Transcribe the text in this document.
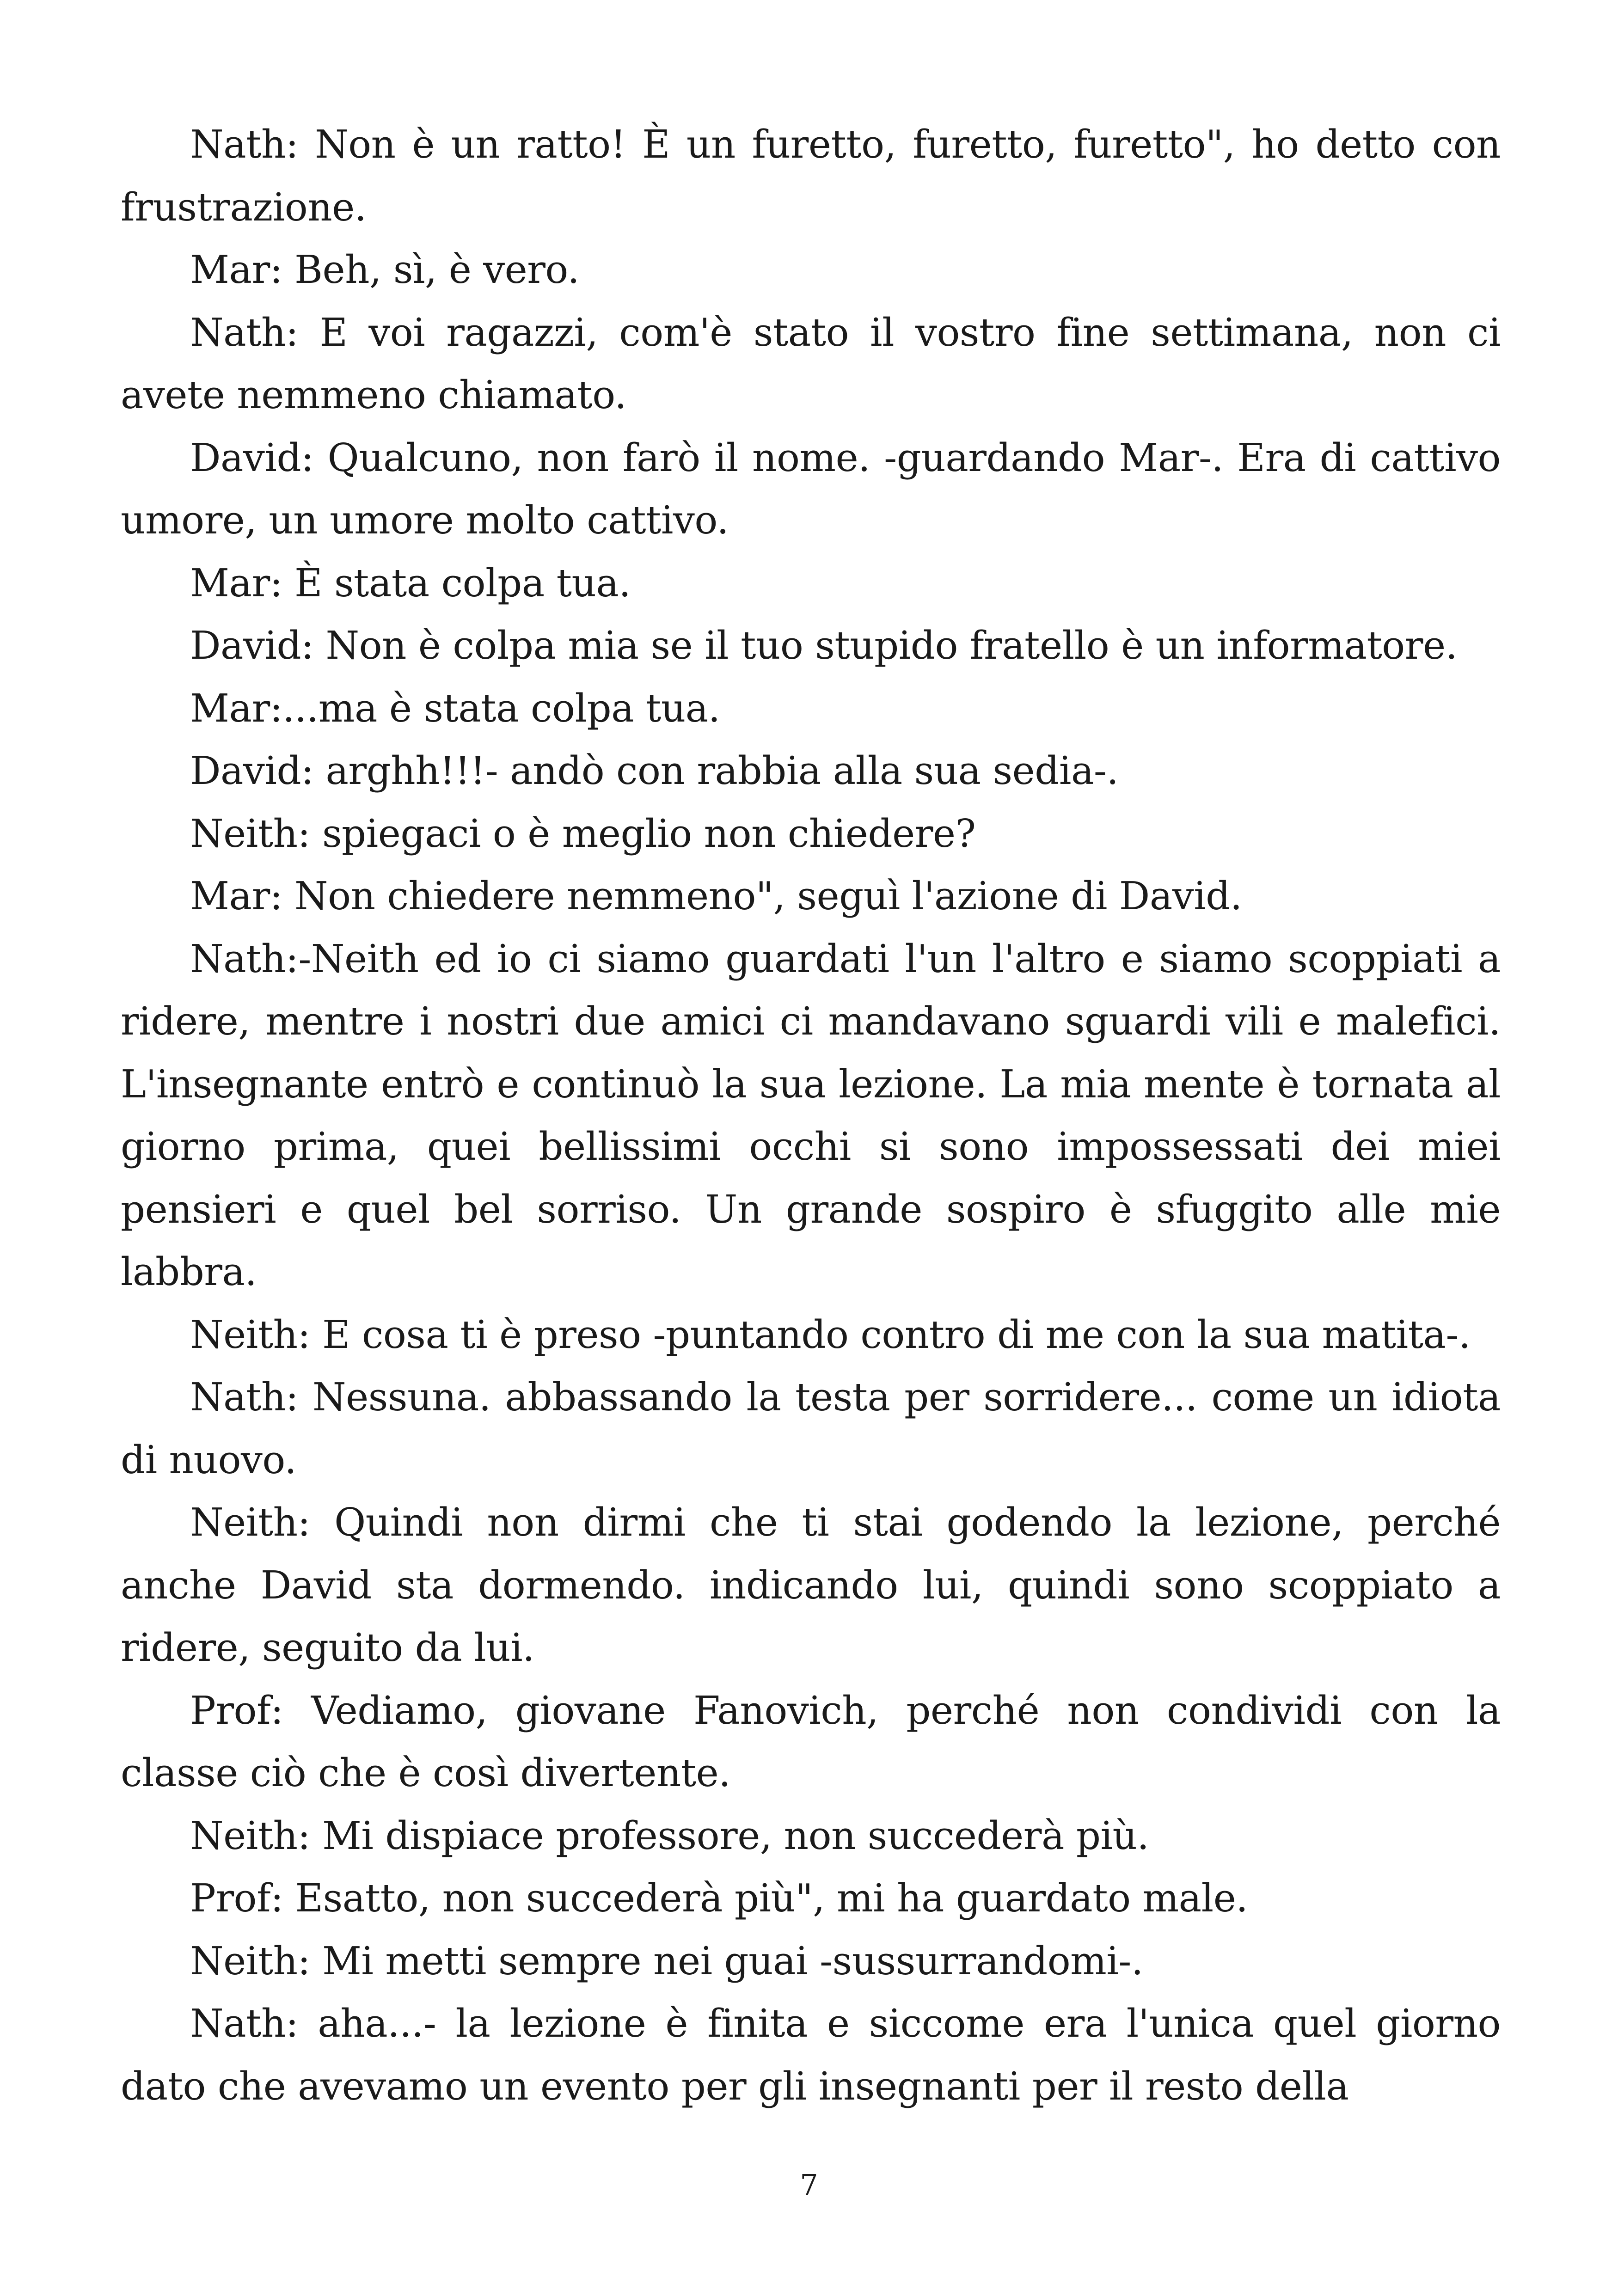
Nath: Non è un ratto! È un furetto, furetto, furetto", ho detto con frustrazione.

Mar: Beh, sì, è vero.

Nath: E voi ragazzi, com'è stato il vostro fine settimana, non ci avete nemmeno chiamato.

David: Qualcuno, non farò il nome. -guardando Mar-. Era di cattivo umore, un umore molto cattivo.

Mar: È stata colpa tua.

David: Non è colpa mia se il tuo stupido fratello è un informatore.

Mar:...ma è stata colpa tua.

David: arghh!!!- andò con rabbia alla sua sedia-.

Neith: spiegaci o è meglio non chiedere?

Mar: Non chiedere nemmeno", seguì l'azione di David.

Nath:-Neith ed io ci siamo guardati l'un l'altro e siamo scoppiati a ridere, mentre i nostri due amici ci mandavano sguardi vili e malefici. L'insegnante entrò e continuò la sua lezione. La mia mente è tornata al giorno prima, quei bellissimi occhi si sono impossessati dei miei pensieri e quel bel sorriso. Un grande sospiro è sfuggito alle mie labbra.

Neith: E cosa ti è preso -puntando contro di me con la sua matita-.

Nath: Nessuna. abbassando la testa per sorridere... come un idiota di nuovo.

Neith: Quindi non dirmi che ti stai godendo la lezione, perché anche David sta dormendo. indicando lui, quindi sono scoppiato a ridere, seguito da lui.

Prof: Vediamo, giovane Fanovich, perché non condividi con la classe ciò che è così divertente.

Neith: Mi dispiace professore, non succederà più.

Prof: Esatto, non succederà più", mi ha guardato male.

Neith: Mi metti sempre nei guai -sussurrandomi-.

Nath: aha...- la lezione è finita e siccome era l'unica quel giorno dato che avevamo un evento per gli insegnanti per il resto della

7
